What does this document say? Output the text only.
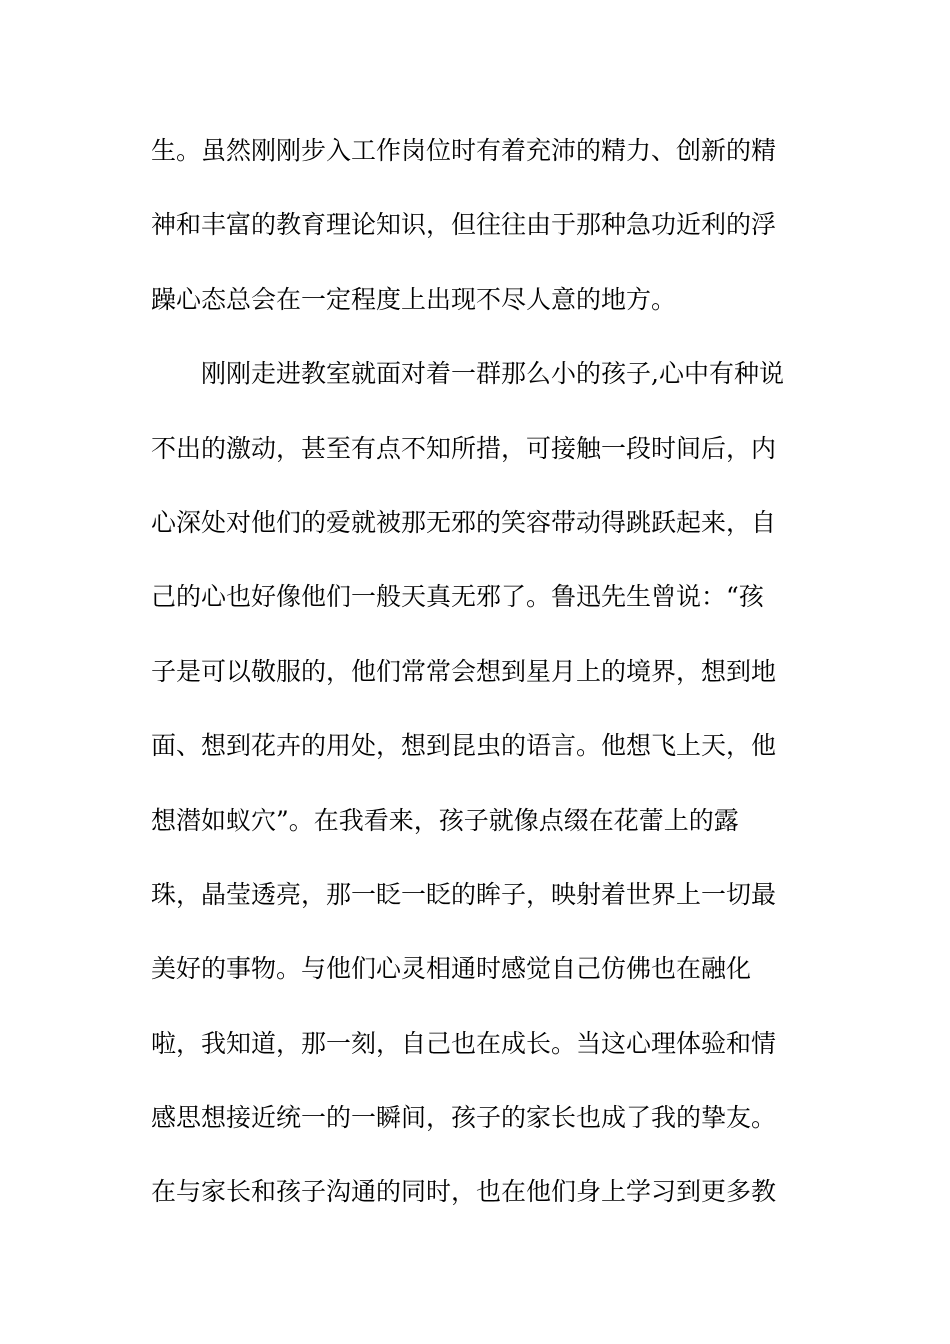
生。虽然刚刚步入工作岗位时有着充沛的精力、创新的精
神和丰富的教育理论知识，但往往由于那种急功近利的浮
躁心态总会在一定程度上出现不尽人意的地方。
刚刚走进教室就面对着一群那么小的孩子,心中有种说
不出的激动，甚至有点不知所措，可接触一段时间后，内
心深处对他们的爱就被那无邪的笑容带动得跳跃起来，自
己的心也好像他们一般天真无邪了。鲁迅先生曾说：“孩
子是可以敬服的，他们常常会想到星月上的境界，想到地
面、想到花卉的用处，想到昆虫的语言。他想飞上天，他
想潜如蚁穴”。在我看来，孩子就像点缀在花蕾上的露
珠，晶莹透亮，那一眨一眨的眸子，映射着世界上一切最
美好的事物。与他们心灵相通时感觉自己仿佛也在融化
啦，我知道，那一刻，自己也在成长。当这心理体验和情
感思想接近统一的一瞬间，孩子的家长也成了我的挚友。
在与家长和孩子沟通的同时，也在他们身上学习到更多教
